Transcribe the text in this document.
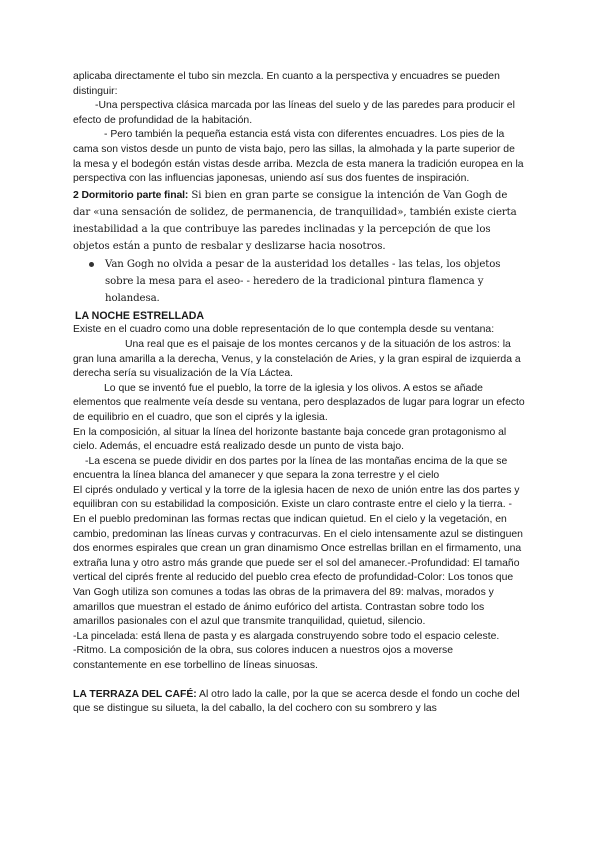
aplicaba directamente el tubo sin mezcla. En cuanto a la perspectiva y encuadres se pueden distinguir:

-Una perspectiva clásica marcada por las líneas del suelo y de las paredes para producir el efecto de profundidad de la habitación.

- Pero también la pequeña estancia está vista con diferentes encuadres. Los pies de la cama son vistos desde un punto de vista bajo, pero las sillas, la almohada y la parte superior de la mesa y el bodegón están vistas desde arriba. Mezcla de esta manera la tradición europea en la perspectiva con las influencias japonesas, uniendo así sus dos fuentes de inspiración.

2 Dormitorio parte final: Si bien en gran parte se consigue la intención de Van Gogh de dar «una sensación de solidez, de permanencia, de tranquilidad», también existe cierta inestabilidad a la que contribuye las paredes inclinadas y la percepción de que los objetos están a punto de resbalar y deslizarse hacia nosotros.

Van Gogh no olvida a pesar de la austeridad los detalles - las telas, los objetos sobre la mesa para el aseo- - heredero de la tradicional pintura flamenca y holandesa.
LA NOCHE ESTRELLADA

Existe en el cuadro como una doble representación de lo que contempla desde su ventana:

Una real que es el paisaje de los montes cercanos y de la situación de los astros: la gran luna amarilla a la derecha, Venus, y la constelación de Aries, y la gran espiral de izquierda a derecha sería su visualización de la Vía Láctea.

Lo que se inventó fue el pueblo, la torre de la iglesia y los olivos. A estos se añade elementos que realmente veía desde su ventana, pero desplazados de lugar para lograr un efecto de equilibrio en el cuadro, que son el ciprés y la iglesia.

En la composición, al situar la línea del horizonte bastante baja concede gran protagonismo al cielo. Además, el encuadre está realizado desde un punto de vista bajo.

-La escena se puede dividir en dos partes por la línea de las montañas encima de la que se encuentra la línea blanca del amanecer y que separa la zona terrestre y el cielo

El ciprés ondulado y vertical y la torre de la iglesia hacen de nexo de unión entre las dos partes y equilibran con su estabilidad la composición. Existe un claro contraste entre el cielo y la tierra. - En el pueblo predominan las formas rectas que indican quietud. En el cielo y la vegetación, en cambio, predominan las líneas curvas y contracurvas. En el cielo intensamente azul se distinguen dos enormes espirales que crean un gran dinamismo Once estrellas brillan en el firmamento, una extraña luna y otro astro más grande que puede ser el sol del amanecer.-Profundidad: El tamaño vertical del ciprés frente al reducido del pueblo crea efecto de profundidad-Color: Los tonos que Van Gogh utiliza son comunes a todas las obras de la primavera del 89: malvas, morados y amarillos que muestran el estado de ánimo eufórico del artista. Contrastan sobre todo los amarillos pasionales con el azul que transmite tranquilidad, quietud, silencio.

-La pincelada: está llena de pasta y es alargada construyendo sobre todo el espacio celeste.

-Ritmo. La composición de la obra, sus colores inducen a nuestros ojos a moverse constantemente en ese torbellino de líneas sinuosas.

LA TERRAZA DEL CAFÉ: Al otro lado la calle, por la que se acerca desde el fondo un coche del que se distingue su silueta, la del caballo, la del cochero con su sombrero y las
